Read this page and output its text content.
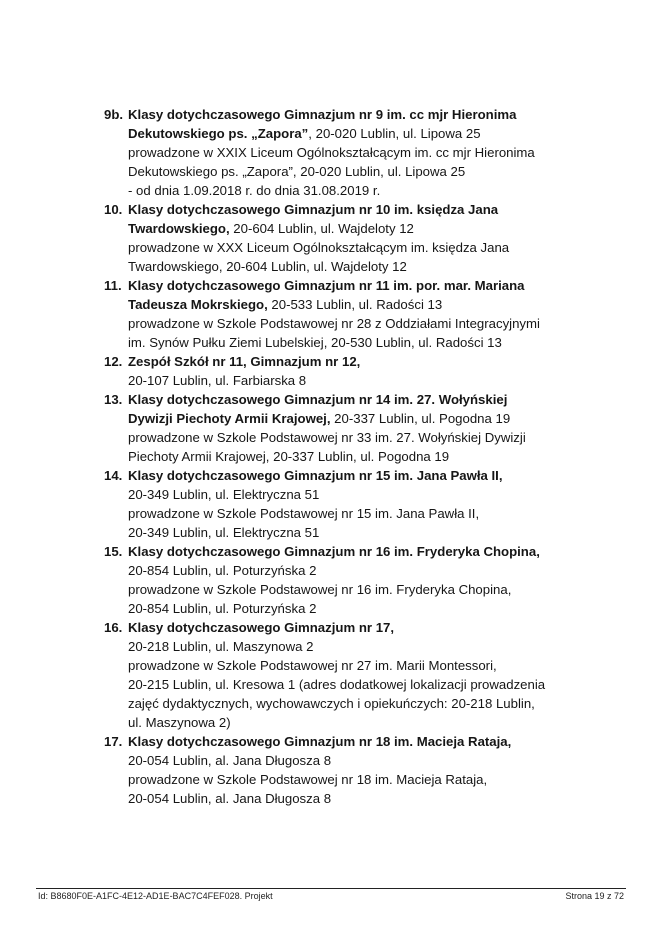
9b. Klasy dotychczasowego Gimnazjum nr 9 im. cc mjr Hieronima
Dekutowskiego ps. „Zapora”, 20-020 Lublin, ul. Lipowa 25
prowadzone w XXIX Liceum Ogólnokształcącym im. cc mjr Hieronima
Dekutowskiego ps. „Zapora”, 20-020 Lublin, ul. Lipowa 25
- od dnia 1.09.2018 r. do dnia 31.08.2019 r.
10. Klasy dotychczasowego Gimnazjum nr 10 im. księdza Jana
Twardowskiego, 20-604 Lublin, ul. Wajdeloty 12
prowadzone w XXX Liceum Ogólnokształcącym im. księdza Jana
Twardowskiego, 20-604 Lublin, ul. Wajdeloty 12
11. Klasy dotychczasowego Gimnazjum nr 11 im. por. mar. Mariana
Tadeusza Mokrskiego, 20-533 Lublin, ul. Radości 13
prowadzone w Szkole Podstawowej nr 28 z Oddziałami Integracyjnymi
im. Synów Pułku Ziemi Lubelskiej, 20-530 Lublin, ul. Radości 13
12. Zespół Szkół nr 11, Gimnazjum nr 12,
20-107 Lublin, ul. Farbiarska 8
13. Klasy dotychczasowego Gimnazjum nr 14 im. 27. Wołyńskiej
Dywizji Piechoty Armii Krajowej, 20-337 Lublin, ul. Pogodna 19
prowadzone w Szkole Podstawowej nr 33 im. 27. Wołyńskiej Dywizji
Piechoty Armii Krajowej, 20-337 Lublin, ul. Pogodna 19
14. Klasy dotychczasowego Gimnazjum nr 15 im. Jana Pawła II,
20-349 Lublin, ul. Elektryczna 51
prowadzone w Szkole Podstawowej nr 15 im. Jana Pawła II,
20-349 Lublin, ul. Elektryczna 51
15. Klasy dotychczasowego Gimnazjum nr 16 im. Fryderyka Chopina,
20-854 Lublin, ul. Poturzyńska 2
prowadzone w Szkole Podstawowej nr 16 im. Fryderyka Chopina,
20-854 Lublin, ul. Poturzyńska 2
16. Klasy dotychczasowego Gimnazjum nr 17,
20-218 Lublin, ul. Maszynowa 2
prowadzone w Szkole Podstawowej nr 27 im. Marii Montessori,
20-215 Lublin, ul. Kresowa 1 (adres dodatkowej lokalizacji prowadzenia
zajęć dydaktycznych, wychowawczych i opiekuńczych: 20-218 Lublin,
ul. Maszynowa 2)
17. Klasy dotychczasowego Gimnazjum nr 18 im. Macieja Rataja,
20-054 Lublin, al. Jana Długosza 8
prowadzone w Szkole Podstawowej nr 18 im. Macieja Rataja,
20-054 Lublin, al. Jana Długosza 8
Id: B8680F0E-A1FC-4E12-AD1E-BAC7C4FEF028. Projekt	Strona 19 z 72
